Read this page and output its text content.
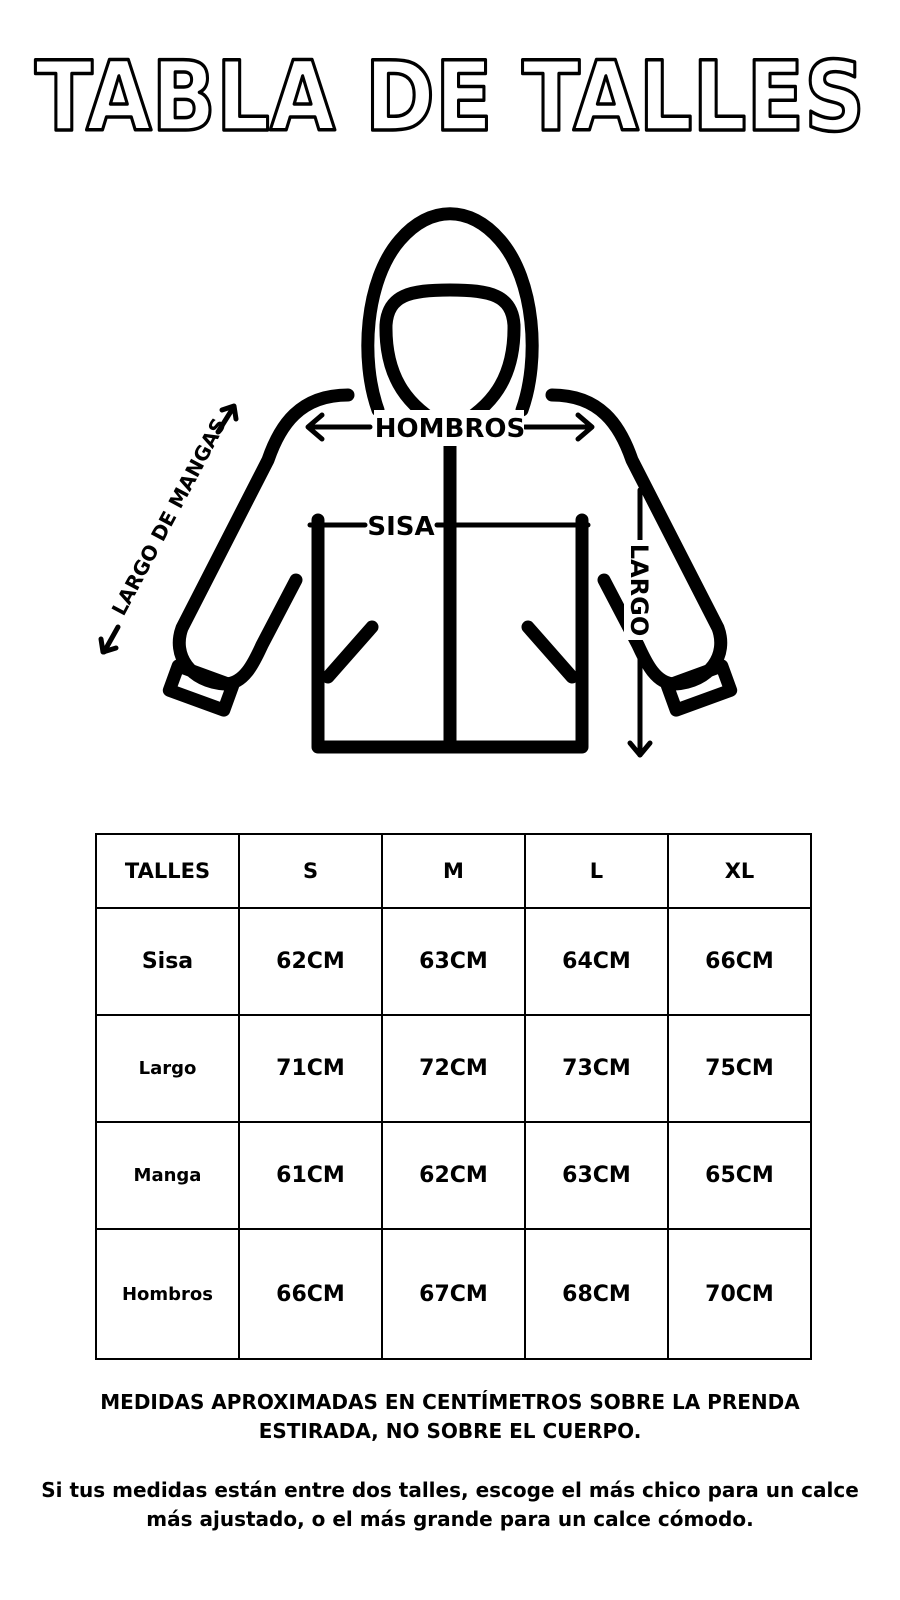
TABLA DE TALLES
HOMBROS
SISA
LARGO
LARGO DE MANGAS
TALLES	S	M	L	XL
Sisa	62CM	63CM	64CM	66CM
Largo	71CM	72CM	73CM	75CM
Manga	61CM	62CM	63CM	65CM
Hombros	66CM	67CM	68CM	70CM
MEDIDAS APROXIMADAS EN CENTÍMETROS SOBRE LA PRENDA ESTIRADA, NO SOBRE EL CUERPO.
Si tus medidas están entre dos talles, escoge el más chico para un calce más ajustado, o el más grande para un calce cómodo.
